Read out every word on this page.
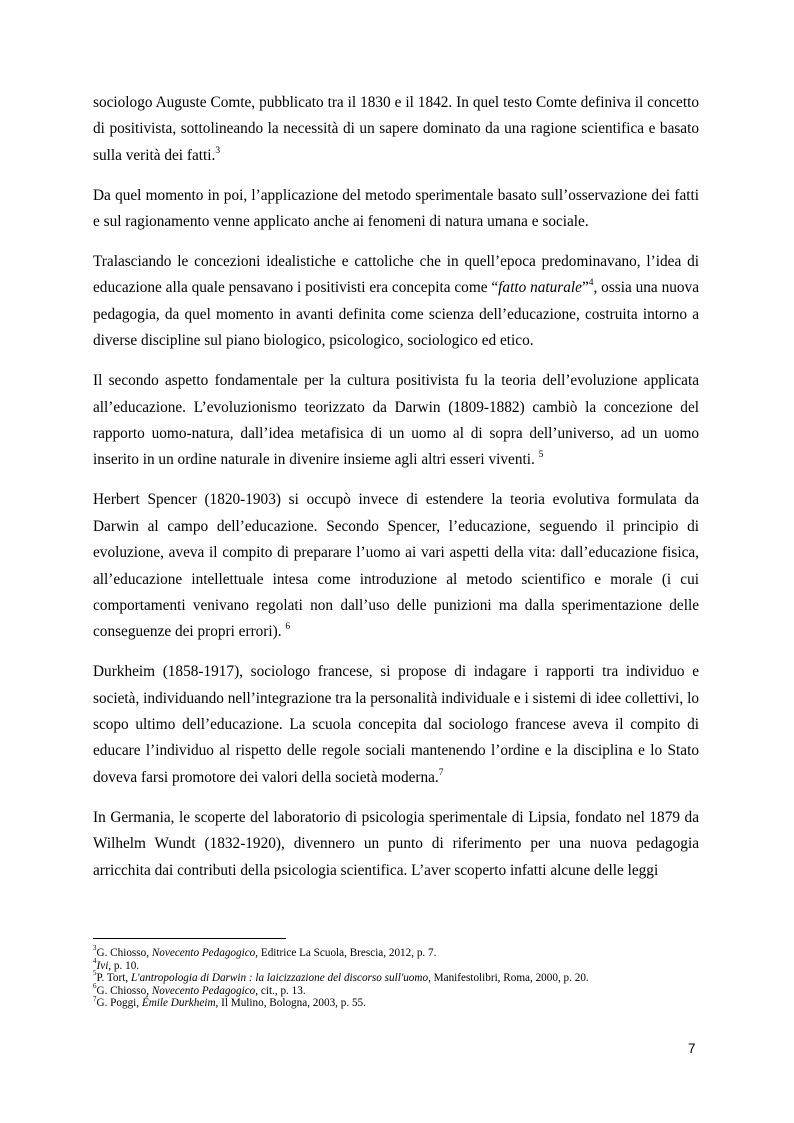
sociologo Auguste Comte, pubblicato tra il 1830 e il 1842. In quel testo Comte definiva il concetto di positivista, sottolineando la necessità di un sapere dominato da una ragione scientifica e basato sulla verità dei fatti.$^3$

Da quel momento in poi, l’applicazione del metodo sperimentale basato sull’osservazione dei fatti e sul ragionamento venne applicato anche ai fenomeni di natura umana e sociale.

Tralasciando le concezioni idealistiche e cattoliche che in quell’epoca predominavano, l’idea di educazione alla quale pensavano i positivisti era concepita come “fatto naturale”$^4$, ossia una nuova pedagogia, da quel momento in avanti definita come scienza dell’educazione, costruita intorno a diverse discipline sul piano biologico, psicologico, sociologico ed etico.

Il secondo aspetto fondamentale per la cultura positivista fu la teoria dell’evoluzione applicata all’educazione. L’evoluzionismo teorizzato da Darwin (1809-1882) cambiò la concezione del rapporto uomo-natura, dall’idea metafisica di un uomo al di sopra dell’universo, ad un uomo inserito in un ordine naturale in divenire insieme agli altri esseri viventi. $^5$

Herbert Spencer (1820-1903) si occupò invece di estendere la teoria evolutiva formulata da Darwin al campo dell’educazione. Secondo Spencer, l’educazione, seguendo il principio di evoluzione, aveva il compito di preparare l’uomo ai vari aspetti della vita: dall’educazione fisica, all’educazione intellettuale intesa come introduzione al metodo scientifico e morale (i cui comportamenti venivano regolati non dall’uso delle punizioni ma dalla sperimentazione delle conseguenze dei propri errori). $^6$

Durkheim (1858-1917), sociologo francese, si propose di indagare i rapporti tra individuo e società, individuando nell’integrazione tra la personalità individuale e i sistemi di idee collettivi, lo scopo ultimo dell’educazione. La scuola concepita dal sociologo francese aveva il compito di educare l’individuo al rispetto delle regole sociali mantenendo l’ordine e la disciplina e lo Stato doveva farsi promotore dei valori della società moderna.$^7$

In Germania, le scoperte del laboratorio di psicologia sperimentale di Lipsia, fondato nel 1879 da Wilhelm Wundt (1832-1920), divennero un punto di riferimento per una nuova pedagogia arricchita dai contributi della psicologia scientifica. L’aver scoperto infatti alcune delle leggi

$^3$G. Chiosso, Novecento Pedagogico, Editrice La Scuola, Brescia, 2012, p. 7.

$^4$Ivi, p. 10.

$^5$P. Tort, L'antropologia di Darwin : la laicizzazione del discorso sull'uomo, Manifestolibri, Roma, 2000, p. 20.

$^6$G. Chiosso, Novecento Pedagogico, cit., p. 13.

$^7$G. Poggi, Émile Durkheim, Il Mulino, Bologna, 2003, p. 55.

7
